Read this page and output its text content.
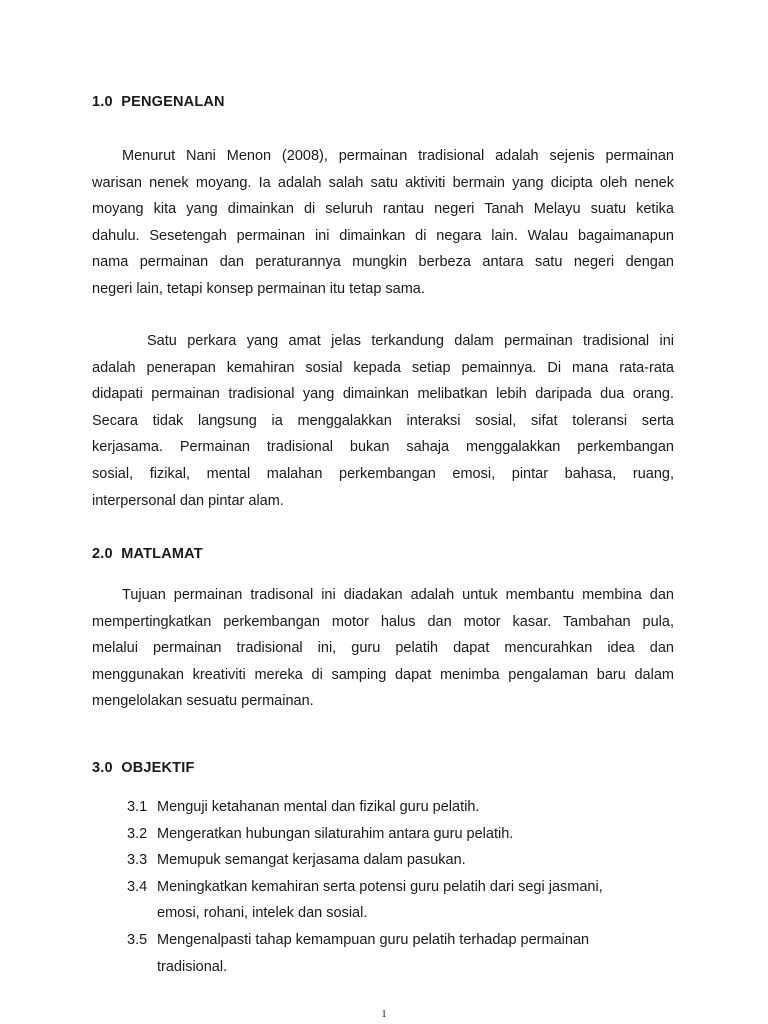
1.0  PENGENALAN
Menurut Nani Menon (2008), permainan tradisional adalah sejenis permainan
warisan nenek moyang. Ia adalah salah satu aktiviti bermain yang dicipta oleh nenek
moyang kita yang dimainkan di seluruh rantau negeri Tanah Melayu suatu ketika
dahulu. Sesetengah permainan ini dimainkan di negara lain. Walau bagaimanapun
nama permainan dan peraturannya mungkin berbeza antara satu negeri dengan
negeri lain, tetapi konsep permainan itu tetap sama.
Satu perkara yang amat jelas terkandung dalam permainan tradisional ini
adalah penerapan kemahiran sosial kepada setiap pemainnya. Di mana rata-rata
didapati permainan tradisional yang dimainkan melibatkan lebih daripada dua orang.
Secara tidak langsung ia menggalakkan interaksi sosial, sifat toleransi serta
kerjasama. Permainan tradisional bukan sahaja menggalakkan perkembangan
sosial, fizikal, mental malahan perkembangan emosi, pintar bahasa, ruang,
interpersonal dan pintar alam.
2.0  MATLAMAT
Tujuan permainan tradisonal ini diadakan adalah untuk membantu membina dan
mempertingkatkan perkembangan motor halus dan motor kasar. Tambahan pula,
melalui permainan tradisional ini, guru pelatih dapat mencurahkan idea dan
menggunakan kreativiti mereka di samping dapat menimba pengalaman baru dalam
mengelolakan sesuatu permainan.
3.0  OBJEKTIF
3.1 Menguji ketahanan mental dan fizikal guru pelatih.
3.2 Mengeratkan hubungan silaturahim antara guru pelatih.
3.3 Memupuk semangat kerjasama dalam pasukan.
3.4 Meningkatkan kemahiran serta potensi guru pelatih dari segi jasmani,
emosi, rohani, intelek dan sosial.
3.5 Mengenalpasti tahap kemampuan guru pelatih terhadap permainan
tradisional.
1
